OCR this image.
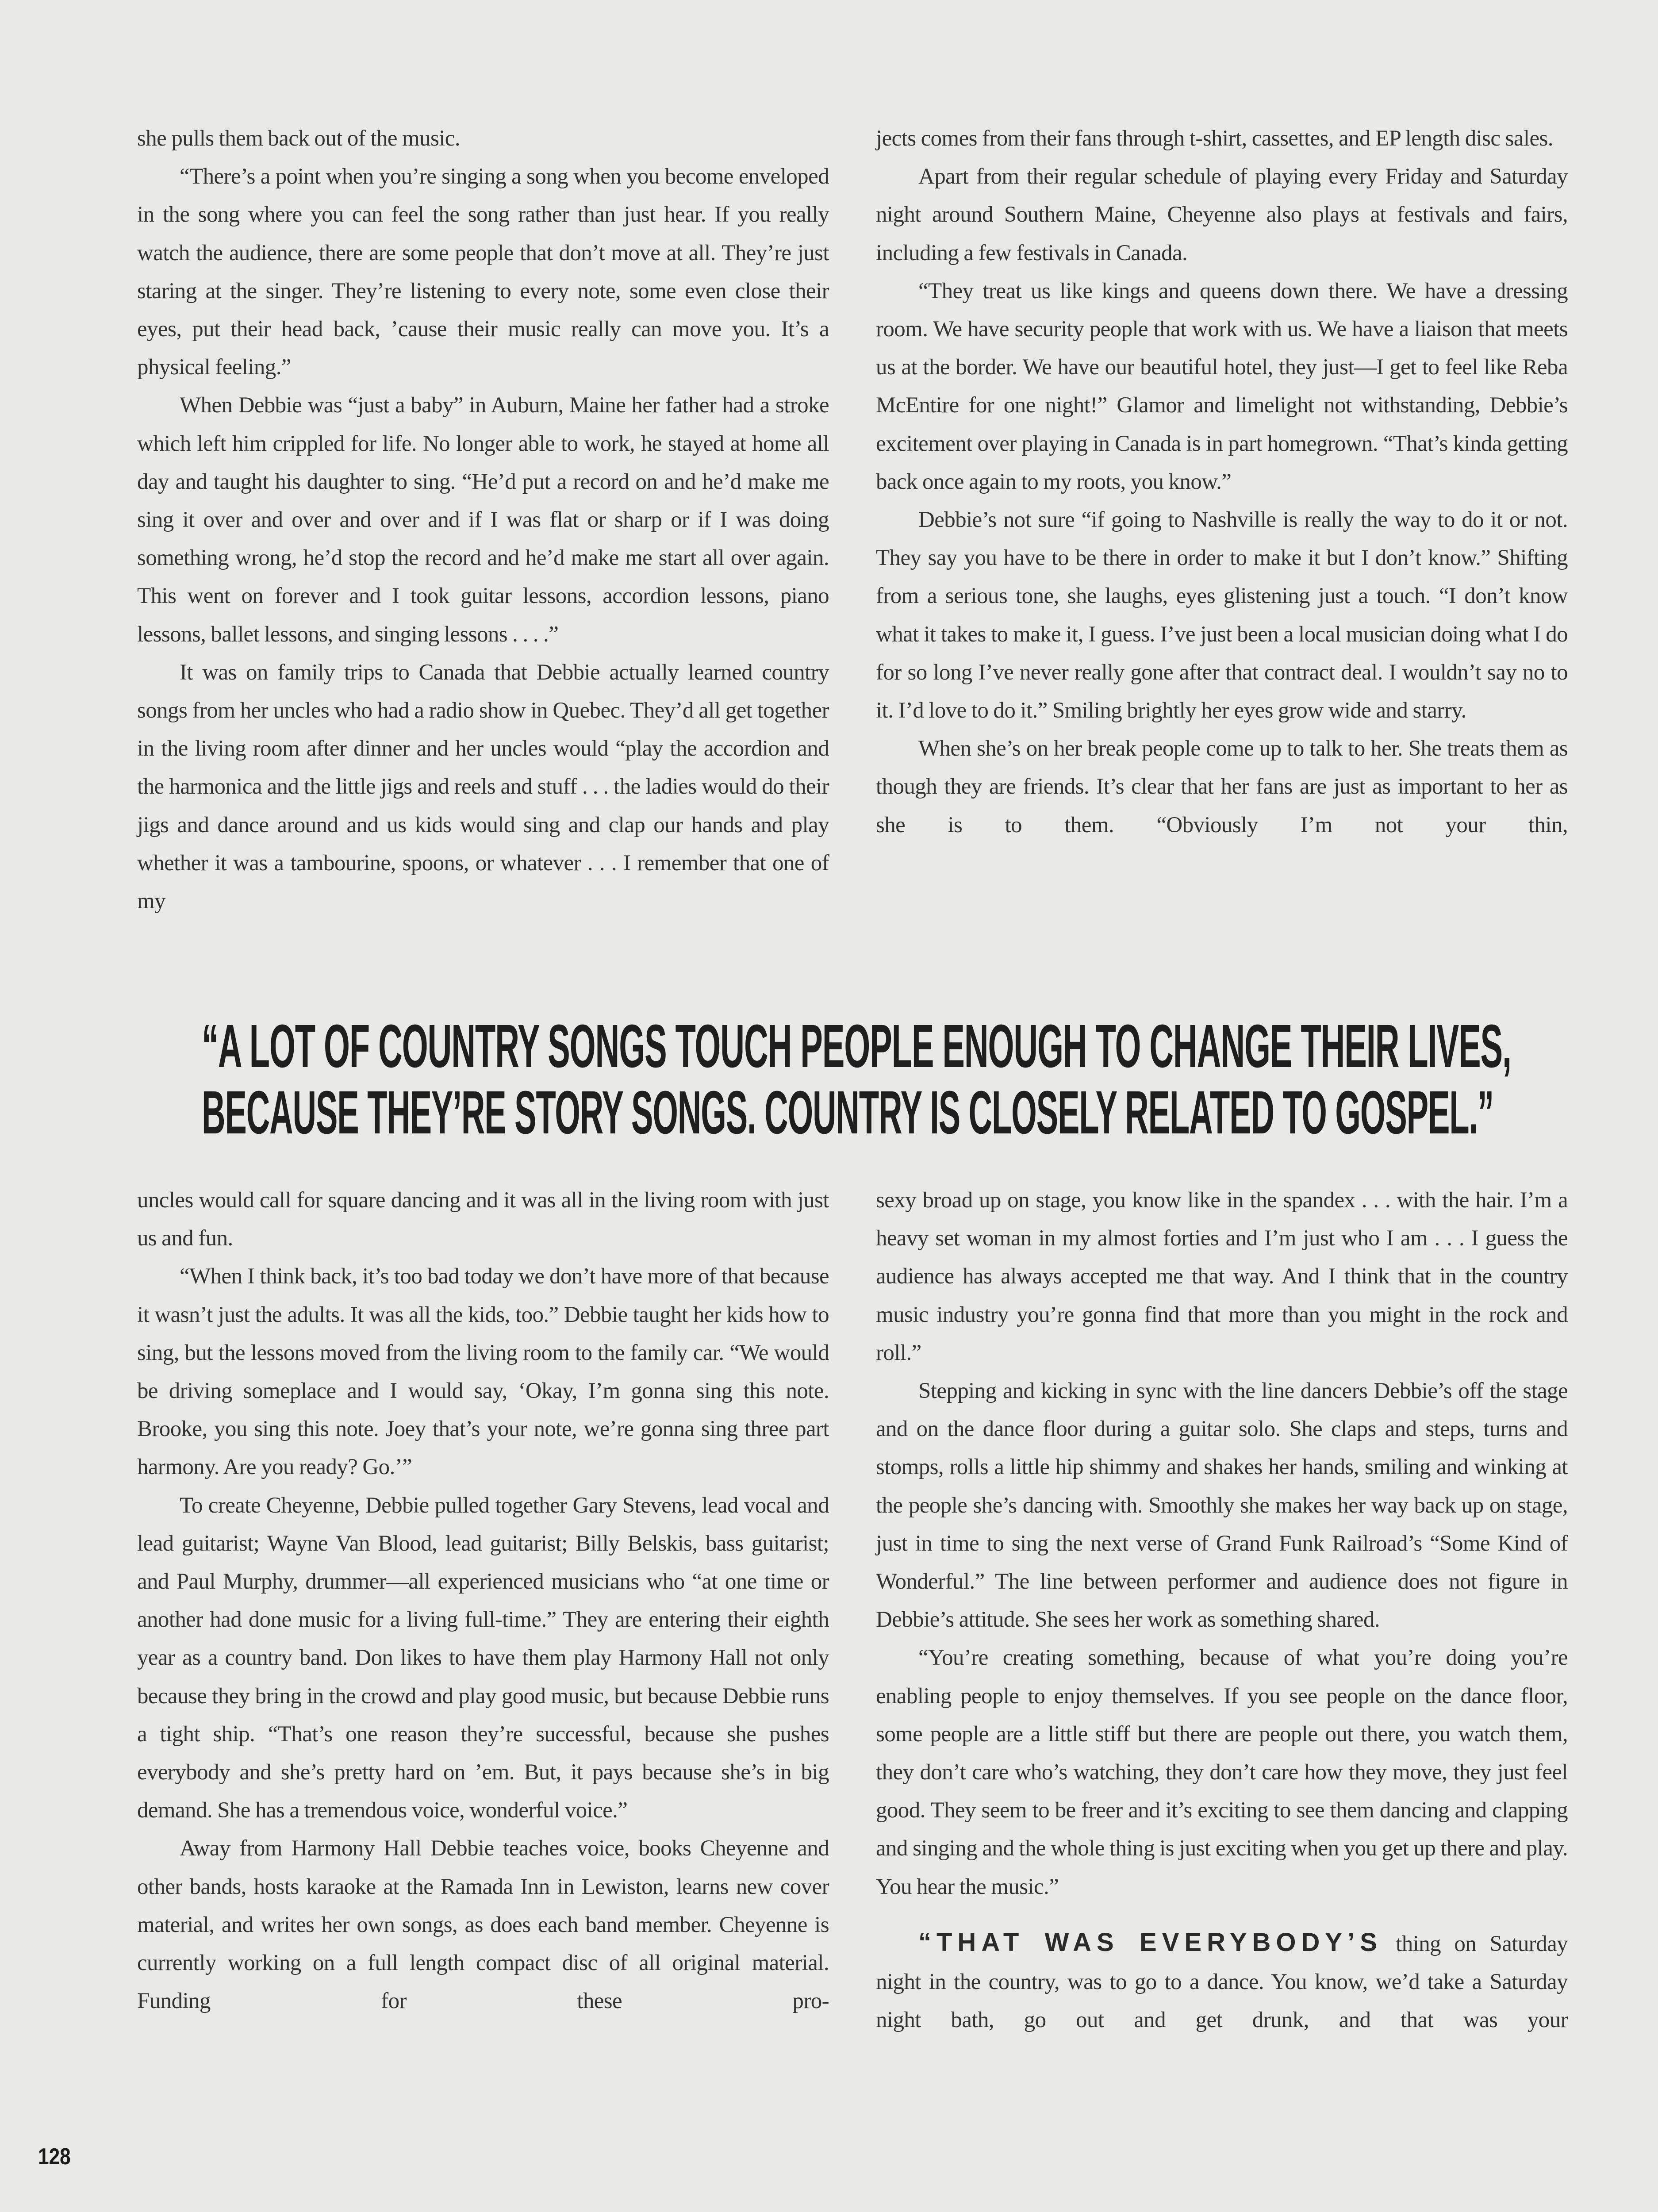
she pulls them back out of the music.

“There’s a point when you’re singing a song when you become enveloped in the song where you can feel the song rather than just hear. If you really watch the audience, there are some people that don’t move at all. They’re just staring at the singer. They’re listening to every note, some even close their eyes, put their head back, ’cause their music really can move you. It’s a physical feeling.”

When Debbie was “just a baby” in Auburn, Maine her father had a stroke which left him crippled for life. No longer able to work, he stayed at home all day and taught his daughter to sing. “He’d put a record on and he’d make me sing it over and over and over and if I was flat or sharp or if I was doing something wrong, he’d stop the record and he’d make me start all over again. This went on forever and I took guitar lessons, accordion lessons, piano lessons, ballet lessons, and singing lessons . . . .”

It was on family trips to Canada that Debbie actually learned country songs from her uncles who had a radio show in Quebec. They’d all get together in the living room after dinner and her uncles would “play the accordion and the harmonica and the little jigs and reels and stuff . . . the ladies would do their jigs and dance around and us kids would sing and clap our hands and play whether it was a tambourine, spoons, or whatever . . . I remember that one of my

jects comes from their fans through t-shirt, cassettes, and EP length disc sales.

Apart from their regular schedule of playing every Friday and Saturday night around Southern Maine, Cheyenne also plays at festivals and fairs, including a few festivals in Canada.

“They treat us like kings and queens down there. We have a dressing room. We have security people that work with us. We have a liaison that meets us at the border. We have our beautiful hotel, they just—I get to feel like Reba McEntire for one night!” Glamor and limelight not withstanding, Debbie’s excitement over playing in Canada is in part homegrown. “That’s kinda getting back once again to my roots, you know.”

Debbie’s not sure “if going to Nashville is really the way to do it or not. They say you have to be there in order to make it but I don’t know.” Shifting from a serious tone, she laughs, eyes glistening just a touch. “I don’t know what it takes to make it, I guess. I’ve just been a local musician doing what I do for so long I’ve never really gone after that contract deal. I wouldn’t say no to it. I’d love to do it.” Smiling brightly her eyes grow wide and starry.

When she’s on her break people come up to talk to her. She treats them as though they are friends. It’s clear that her fans are just as important to her as she is to them. “Obviously I’m not your thin,

“A LOT OF COUNTRY SONGS TOUCH PEOPLE ENOUGH TO CHANGE THEIR LIVES,
BECAUSE THEY’RE STORY SONGS. COUNTRY IS CLOSELY RELATED TO GOSPEL.”

uncles would call for square dancing and it was all in the living room with just us and fun.

“When I think back, it’s too bad today we don’t have more of that because it wasn’t just the adults. It was all the kids, too.” Debbie taught her kids how to sing, but the lessons moved from the living room to the family car. “We would be driving someplace and I would say, ‘Okay, I’m gonna sing this note. Brooke, you sing this note. Joey that’s your note, we’re gonna sing three part harmony. Are you ready? Go.’”

To create Cheyenne, Debbie pulled together Gary Stevens, lead vocal and lead guitarist; Wayne Van Blood, lead guitarist; Billy Belskis, bass guitarist; and Paul Murphy, drummer—all experienced musicians who “at one time or another had done music for a living full-time.” They are entering their eighth year as a country band. Don likes to have them play Harmony Hall not only because they bring in the crowd and play good music, but because Debbie runs a tight ship. “That’s one reason they’re successful, because she pushes everybody and she’s pretty hard on ’em. But, it pays because she’s in big demand. She has a tremendous voice, wonderful voice.”

Away from Harmony Hall Debbie teaches voice, books Cheyenne and other bands, hosts karaoke at the Ramada Inn in Lewiston, learns new cover material, and writes her own songs, as does each band member. Cheyenne is currently working on a full length compact disc of all original material. Funding for these pro-

sexy broad up on stage, you know like in the spandex . . . with the hair. I’m a heavy set woman in my almost forties and I’m just who I am . . . I guess the audience has always accepted me that way. And I think that in the country music industry you’re gonna find that more than you might in the rock and roll.”

Stepping and kicking in sync with the line dancers Debbie’s off the stage and on the dance floor during a guitar solo. She claps and steps, turns and stomps, rolls a little hip shimmy and shakes her hands, smiling and winking at the people she’s dancing with. Smoothly she makes her way back up on stage, just in time to sing the next verse of Grand Funk Railroad’s “Some Kind of Wonderful.” The line between performer and audience does not figure in Debbie’s attitude. She sees her work as something shared.

“You’re creating something, because of what you’re doing you’re enabling people to enjoy themselves. If you see people on the dance floor, some people are a little stiff but there are people out there, you watch them, they don’t care who’s watching, they don’t care how they move, they just feel good. They seem to be freer and it’s exciting to see them dancing and clapping and singing and the whole thing is just exciting when you get up there and play. You hear the music.”

“THAT WAS EVERYBODY’S thing on Saturday night in the country, was to go to a dance. You know, we’d take a Saturday night bath, go out and get drunk, and that was your

128
